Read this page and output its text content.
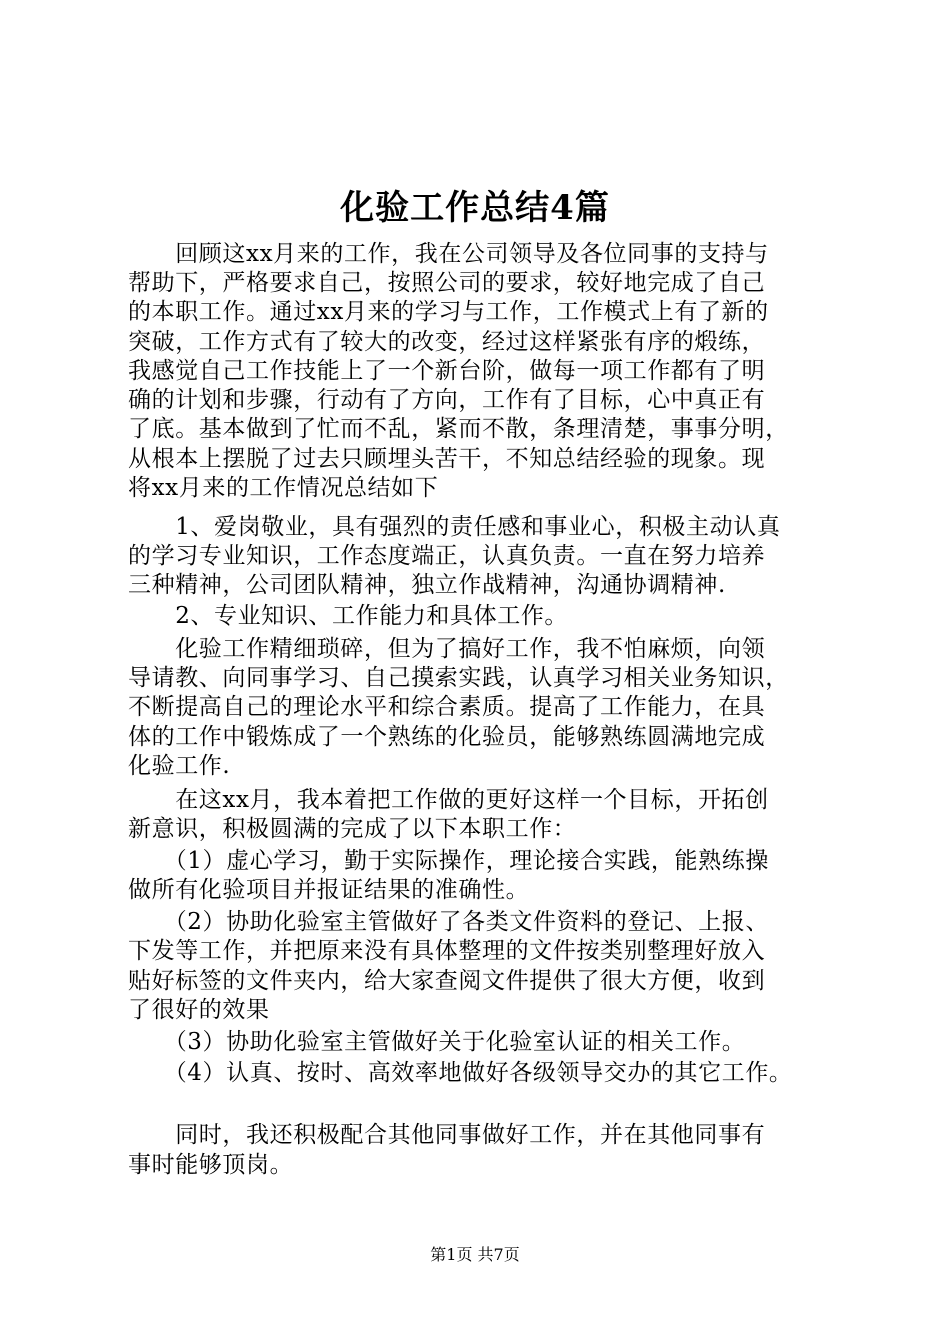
化验工作总结4篇
　　回顾这xx月来的工作，我在公司领导及各位同事的支持与
帮助下，严格要求自己，按照公司的要求，较好地完成了自己
的本职工作。通过xx月来的学习与工作，工作模式上有了新的
突破，工作方式有了较大的改变，经过这样紧张有序的煅练，
我感觉自己工作技能上了一个新台阶，做每一项工作都有了明
确的计划和步骤，行动有了方向，工作有了目标，心中真正有
了底。基本做到了忙而不乱，紧而不散，条理清楚，事事分明，
从根本上摆脱了过去只顾埋头苦干，不知总结经验的现象。现
将xx月来的工作情况总结如下
　　1、爱岗敬业，具有强烈的责任感和事业心，积极主动认真
的学习专业知识，工作态度端正，认真负责。一直在努力培养
三种精神，公司团队精神，独立作战精神，沟通协调精神.
　　2、专业知识、工作能力和具体工作。
　　化验工作精细琐碎，但为了搞好工作，我不怕麻烦，向领
导请教、向同事学习、自己摸索实践，认真学习相关业务知识，
不断提高自己的理论水平和综合素质。提高了工作能力，在具
体的工作中锻炼成了一个熟练的化验员，能够熟练圆满地完成
化验工作.
　　在这xx月，我本着把工作做的更好这样一个目标，开拓创
新意识，积极圆满的完成了以下本职工作：
　　（1）虚心学习，勤于实际操作，理论接合实践，能熟练操
做所有化验项目并报证结果的准确性。
　　（2）协助化验室主管做好了各类文件资料的登记、上报、
下发等工作，并把原来没有具体整理的文件按类别整理好放入
贴好标签的文件夹内，给大家查阅文件提供了很大方便，收到
了很好的效果
　　（3）协助化验室主管做好关于化验室认证的相关工作。
　　（4）认真、按时、高效率地做好各级领导交办的其它工作。
　　同时，我还积极配合其他同事做好工作，并在其他同事有
事时能够顶岗。
第1页 共7页
